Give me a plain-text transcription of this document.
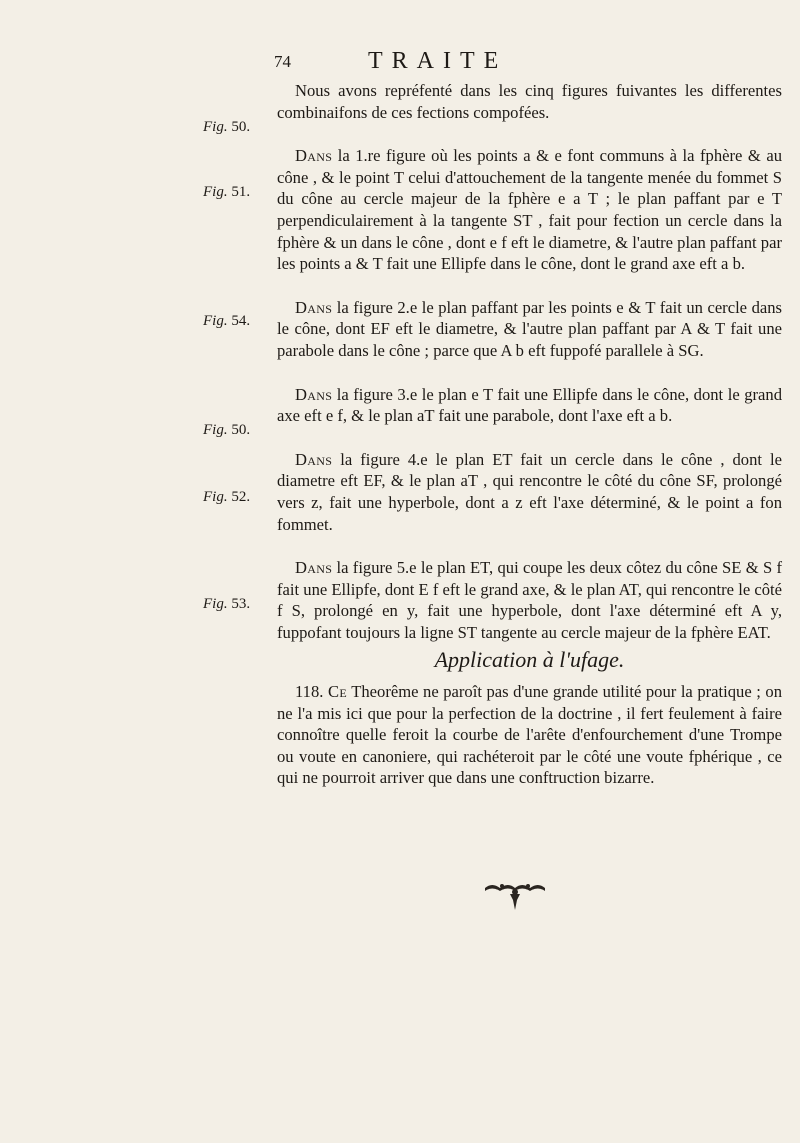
74	TRAITE
Fig. 50.
Fig. 51.
Fig. 54.
Fig. 50.
Fig. 52.
Fig. 53.

Nous avons repréfenté dans les cinq figures fuivantes les differentes combinaifons de ces fections compofées.

Dans la 1.re figure où les points a & e font communs à la fphère & au cône , & le point T celui d'attouchement de la tangente menée du fommet S du cône au cercle majeur de la fphère e a T ; le plan paffant par e T perpendiculairement à la tangente ST , fait pour fection un cercle dans la fphère & un dans le cône , dont e f eft le diametre, & l'autre plan paffant par les points a & T fait une Ellipfe dans le cône, dont le grand axe eft a b.

Dans la figure 2.e le plan paffant par les points e & T fait un cercle dans le cône, dont EF eft le diametre, & l'autre plan paffant par A & T fait une parabole dans le cône ; parce que A b eft fuppofé parallele à SG.

Dans la figure 3.e le plan e T fait une Ellipfe dans le cône, dont le grand axe eft e f, & le plan aT fait une parabole, dont l'axe eft a b.

Dans la figure 4.e le plan ET fait un cercle dans le cône , dont le diametre eft EF, & le plan aT , qui rencontre le côté du cône SF, prolongé vers z, fait une hyperbole, dont a z eft l'axe déterminé, & le point a fon fommet.

Dans la figure 5.e le plan ET, qui coupe les deux côtez du cône SE & S f fait une Ellipfe, dont E f eft le grand axe, & le plan AT, qui rencontre le côté f S, prolongé en y, fait une hyperbole, dont l'axe déterminé eft A y, fuppofant toujours la ligne ST tangente au cercle majeur de la fphère EAT.

Application à l'ufage.

118. Ce Theorême ne paroît pas d'une grande utilité pour la pratique ; on ne l'a mis ici que pour la perfection de la doctrine , il fert feulement à faire connoître quelle feroit la courbe de l'arête d'enfourchement d'une Trompe ou voute en canoniere, qui rachéteroit par le côté une voute fphérique , ce qui ne pourroit arriver que dans une conftruction bizarre.
